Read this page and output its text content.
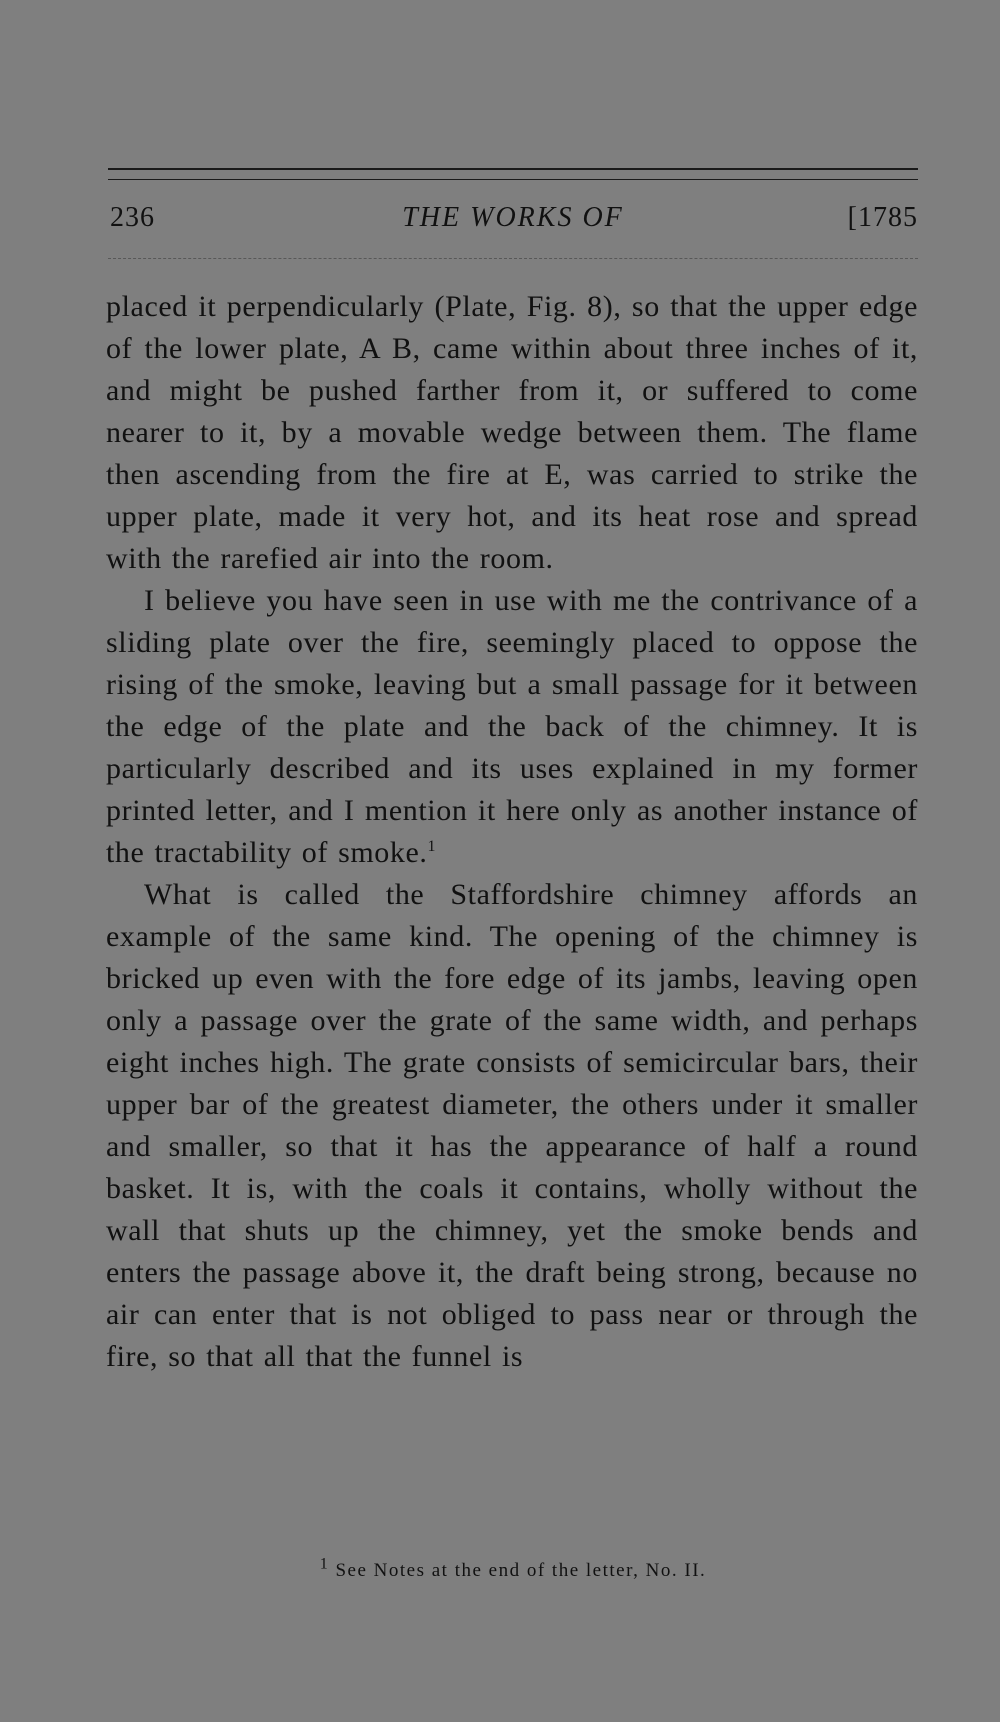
236	THE WORKS OF	[1785

placed it perpendicularly (Plate, Fig. 8), so that the upper edge of the lower plate, A B, came within about three inches of it, and might be pushed farther from it, or suffered to come nearer to it, by a movable wedge between them. The flame then ascending from the fire at E, was carried to strike the upper plate, made it very hot, and its heat rose and spread with the rarefied air into the room.

I believe you have seen in use with me the contrivance of a sliding plate over the fire, seemingly placed to oppose the rising of the smoke, leaving but a small passage for it between the edge of the plate and the back of the chimney. It is particularly described and its uses explained in my former printed letter, and I mention it here only as another instance of the tractability of smoke.$^1$

What is called the Staffordshire chimney affords an example of the same kind. The opening of the chimney is bricked up even with the fore edge of its jambs, leaving open only a passage over the grate of the same width, and perhaps eight inches high. The grate consists of semicircular bars, their upper bar of the greatest diameter, the others under it smaller and smaller, so that it has the appearance of half a round basket. It is, with the coals it contains, wholly without the wall that shuts up the chimney, yet the smoke bends and enters the passage above it, the draft being strong, because no air can enter that is not obliged to pass near or through the fire, so that all that the funnel is

$^1$ See Notes at the end of the letter, No. II.
